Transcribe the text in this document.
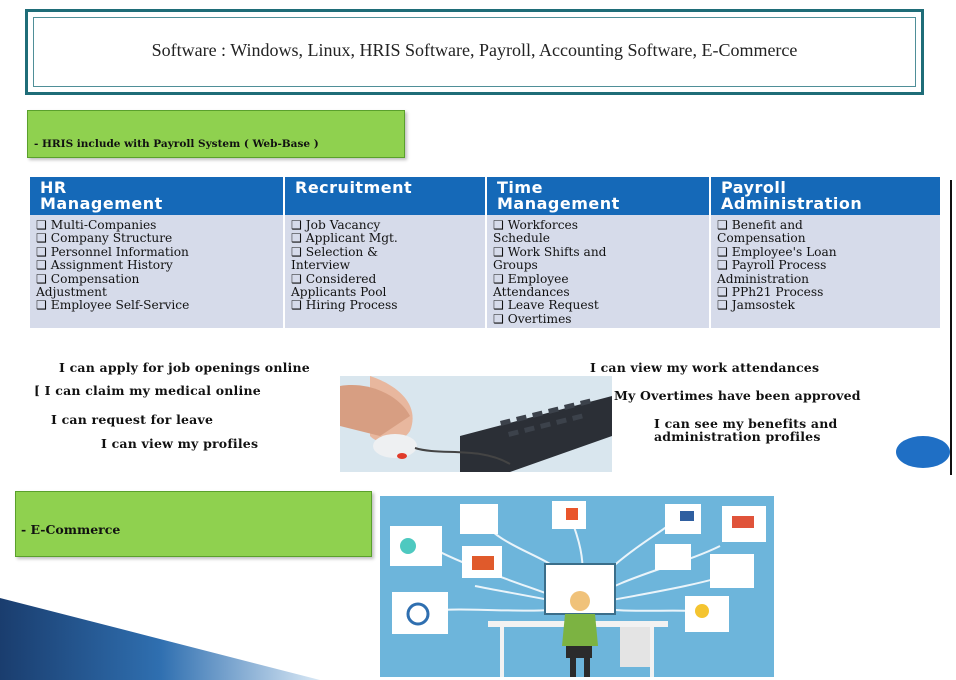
Software : Windows, Linux, HRIS Software, Payroll, Accounting Software, E-Commerce
- HRIS include with Payroll System ( Web-Base )
HR
Management
❑ Multi-Companies
❑ Company Structure
❑ Personnel Information
❑ Assignment History
❑ Compensation
Adjustment
❑ Employee Self-Service
Recruitment
❑ Job Vacancy
❑ Applicant Mgt.
❑ Selection &
Interview
❑ Considered
Applicants Pool
❑ Hiring Process
Time
Management
❑ Workforces
Schedule
❑ Work Shifts and
Groups
❑ Employee
Attendances
❑ Leave Request
❑ Overtimes
Payroll
Administration
❑ Benefit and
Compensation
❑ Employee's Loan
❑ Payroll Process
Administration
❑ PPh21 Process
❑ Jamsostek
I can apply for job openings online
[ I can claim my medical online
I can request for leave
I can view my profiles
I can view my work attendances
My Overtimes have been approved
I can see my benefits and
administration profiles
- E-Commerce
